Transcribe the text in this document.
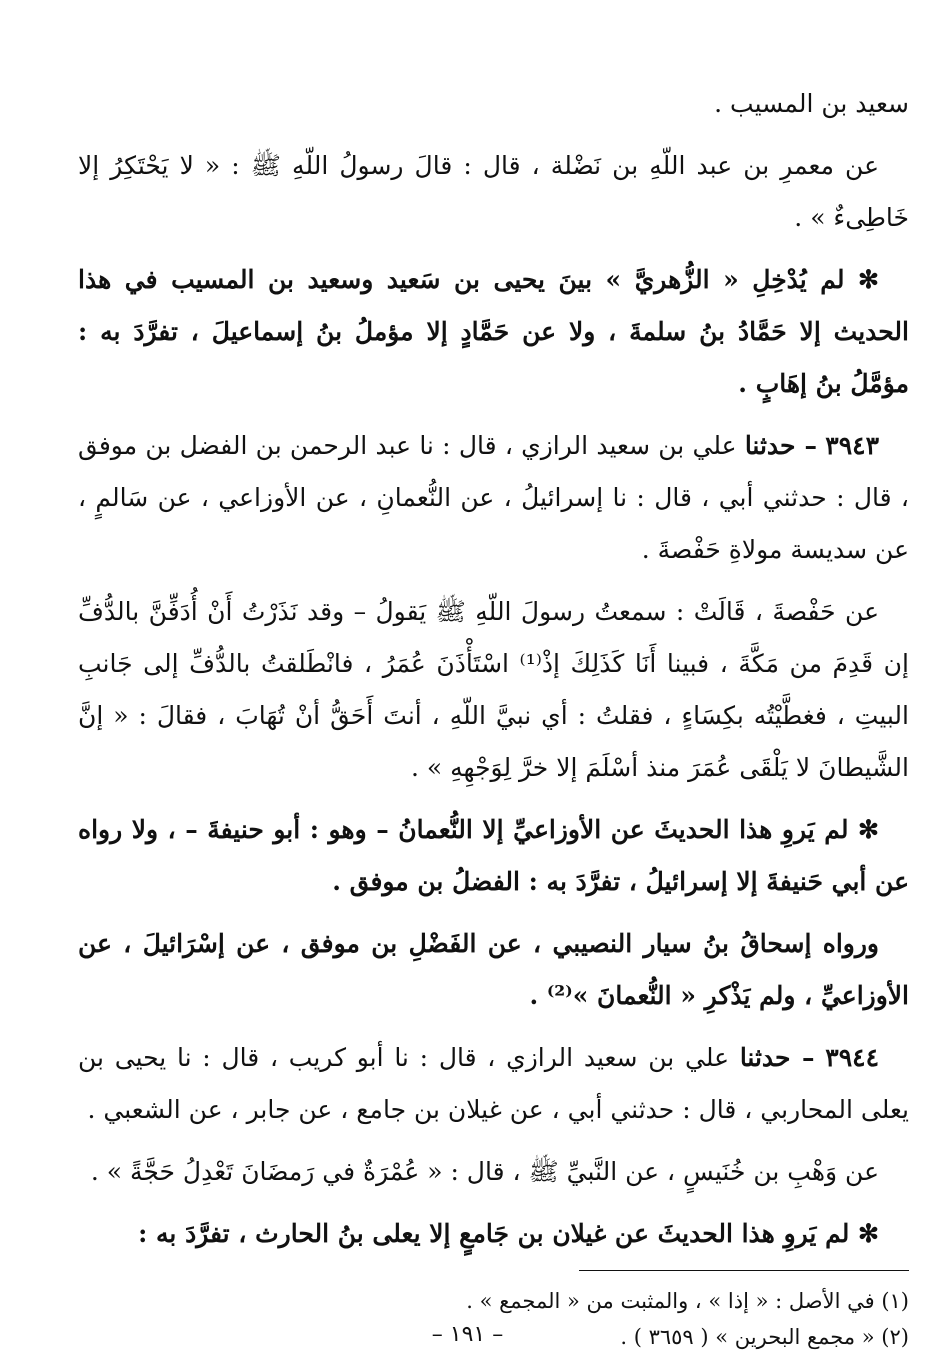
سعيد بن المسيب .

عن معمرِ بن عبد اللّهِ بن نَضْلة ، قال : قالَ رسولُ اللّهِ ﷺ : « لا يَحْتَكِرُ إلا خَاطِىءٌ » .

✻ لم يُدْخِلِ « الزُّهريَّ » بينَ يحيى بن سَعيد وسعيد بن المسيب في هذا الحديث إلا حَمَّادُ بنُ سلمةَ ، ولا عن حَمَّادٍ إلا مؤملُ بنُ إسماعيلَ ، تفرَّدَ به : مؤمَّلُ بنُ إهَابٍ .

٣٩٤٣ – حدثنا علي بن سعيد الرازي ، قال : نا عبد الرحمن بن الفضل بن موفق ، قال : حدثني أبي ، قال : نا إسرائيلُ ، عن النُّعمانِ ، عن الأوزاعي ، عن سَالمٍ ، عن سديسة مولاةِ حَفْصةَ .

عن حَفْصةَ ، قَالَتْ : سمعتُ رسولَ اللّهِ ﷺ يَقولُ – وقد نَذَرْتُ أَنْ أُدَفِّنَّ بالدُّفِّ إن قَدِمَ من مَكَّةَ ، فبينا أَنَا كَذَلِكَ إذْ⁽¹⁾ اسْتَأْذَنَ عُمَرُ ، فانْطَلقتُ بالدُّفِّ إلى جَانبِ البيتِ ، فغطَّيْتُه بكِسَاءٍ ، فقلتُ : أي نبيَّ اللّهِ ، أنتَ أَحَقُّ أنْ تُهَابَ ، فقالَ : « إنَّ الشَّيطانَ لا يَلْقَى عُمَرَ منذ أسْلَمَ إلا خرَّ لِوَجْهِهِ » .

✻ لم يَروِ هذا الحديثَ عن الأوزاعيِّ إلا النُّعمانُ – وهو : أبو حنيفةَ – ، ولا رواه عن أبي حَنيفةَ إلا إسرائيلُ ، تفرَّدَ به : الفضلُ بن موفق .

ورواه إسحاقُ بنُ سيار النصيبي ، عن الفَضْلِ بن موفق ، عن إسْرَائيلَ ، عن الأوزاعيِّ ، ولم يَذْكرِ « النُّعمانَ »⁽²⁾ .

٣٩٤٤ – حدثنا علي بن سعيد الرازي ، قال : نا أبو كريب ، قال : نا يحيى بن يعلى المحاربي ، قال : حدثني أبي ، عن غيلان بن جامع ، عن جابر ، عن الشعبي .

عن وَهْبِ بن خُنَيسٍ ، عن النَّبيِّ ﷺ ، قال : « عُمْرَةٌ في رَمضَانَ تَعْدِلُ حَجَّةً » .

✻ لم يَروِ هذا الحديثَ عن غيلان بن جَامعٍ إلا يعلى بنُ الحارث ، تفرَّدَ به :

(١) في الأصل : « إذا » ، والمثبت من « المجمع » .

(٢) « مجمع البحرين » ( ٣٦٥٩ ) .

– ١٩١ –
